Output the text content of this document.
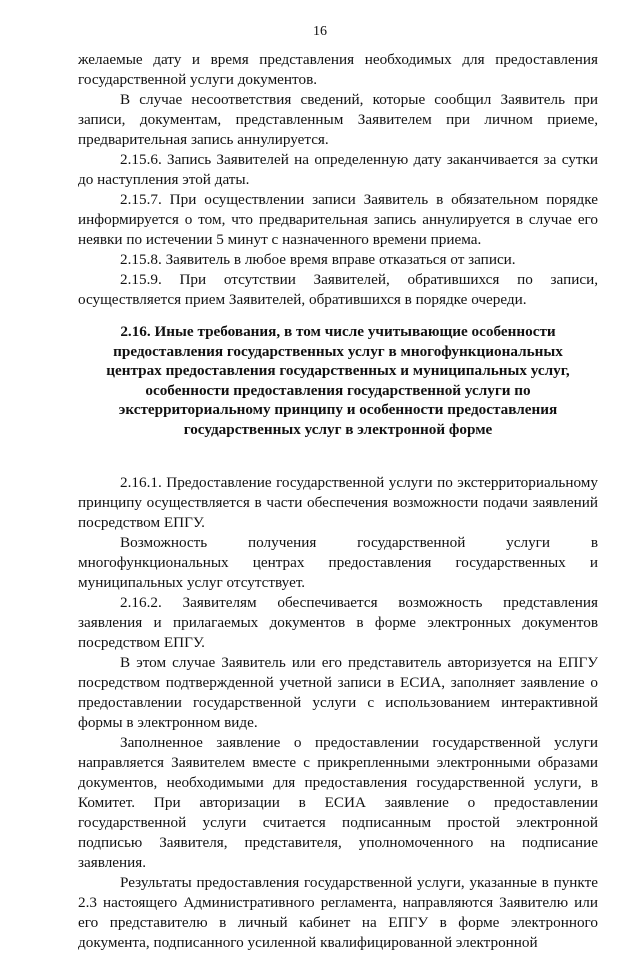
16

желаемые дату и время представления необходимых для предоставления государственной услуги документов.

В случае несоответствия сведений, которые сообщил Заявитель при записи, документам, представленным Заявителем при личном приеме, предварительная запись аннулируется.

2.15.6. Запись Заявителей на определенную дату заканчивается за сутки до наступления этой даты.

2.15.7. При осуществлении записи Заявитель в обязательном порядке информируется о том, что предварительная запись аннулируется в случае его неявки по истечении 5 минут с назначенного времени приема.

2.15.8. Заявитель в любое время вправе отказаться от записи.

2.15.9. При отсутствии Заявителей, обратившихся по записи, осуществляется прием Заявителей, обратившихся в порядке очереди.

2.16. Иные требования, в том числе учитывающие особенности предоставления государственных услуг в многофункциональных центрах предоставления государственных и муниципальных услуг, особенности предоставления государственной услуги по экстерриториальному принципу и особенности предоставления государственных услуг в электронной форме

2.16.1. Предоставление государственной услуги по экстерриториальному принципу осуществляется в части обеспечения возможности подачи заявлений посредством ЕПГУ.

Возможность получения государственной услуги в многофункциональных центрах предоставления государственных и муниципальных услуг отсутствует.

2.16.2. Заявителям обеспечивается возможность представления заявления и прилагаемых документов в форме электронных документов посредством ЕПГУ.

В этом случае Заявитель или его представитель авторизуется на ЕПГУ посредством подтвержденной учетной записи в ЕСИА, заполняет заявление о предоставлении государственной услуги с использованием интерактивной формы в электронном виде.

Заполненное заявление о предоставлении государственной услуги направляется Заявителем вместе с прикрепленными электронными образами документов, необходимыми для предоставления государственной услуги, в Комитет. При авторизации в ЕСИА заявление о предоставлении государственной услуги считается подписанным простой электронной подписью Заявителя, представителя, уполномоченного на подписание заявления.

Результаты предоставления государственной услуги, указанные в пункте 2.3 настоящего Административного регламента, направляются Заявителю или его представителю в личный кабинет на ЕПГУ в форме электронного документа, подписанного усиленной квалифицированной электронной
